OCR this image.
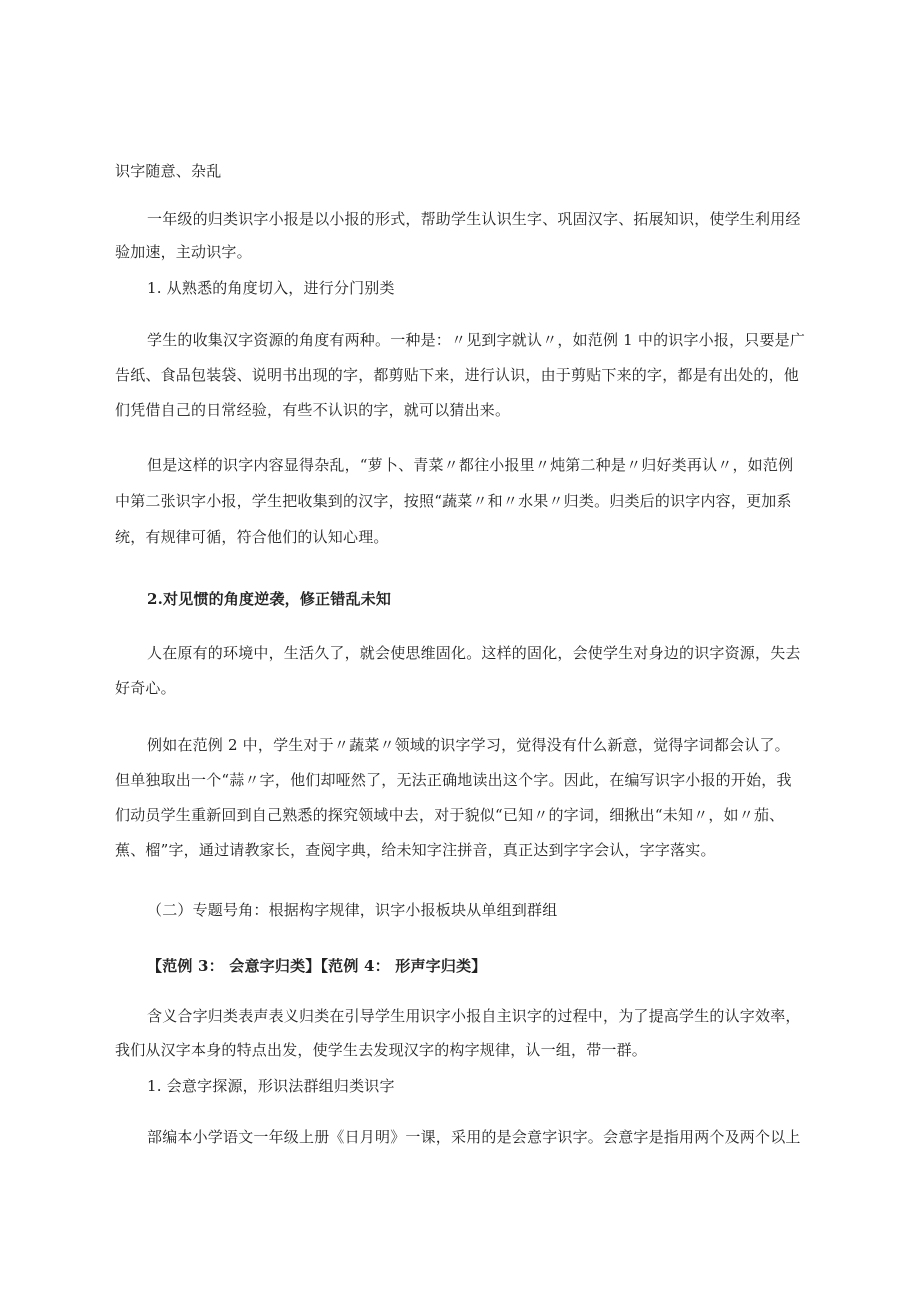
识字随意、杂乱
一年级的归类识字小报是以小报的形式，帮助学生认识生字、巩固汉字、拓展知识，使学生利用经
验加速，主动识字。
1. 从熟悉的角度切入，进行分门别类
学生的收集汉字资源的角度有两种。一种是：〃见到字就认〃，如范例 1 中的识字小报，只要是广
告纸、食品包装袋、说明书出现的字，都剪贴下来，进行认识，由于剪贴下来的字，都是有出处的，他
们凭借自己的日常经验，有些不认识的字，就可以猜出来。
但是这样的识字内容显得杂乱，“萝卜、青菜〃都往小报里〃炖第二种是〃归好类再认〃，如范例
中第二张识字小报，学生把收集到的汉字，按照“蔬菜〃和〃水果〃归类。归类后的识字内容，更加系
统，有规律可循，符合他们的认知心理。
2.对见惯的角度逆袭，修正错乱未知
人在原有的环境中，生活久了，就会使思维固化。这样的固化，会使学生对身边的识字资源，失去
好奇心。
例如在范例 2 中，学生对于〃蔬菜〃领域的识字学习，觉得没有什么新意，觉得字词都会认了。
但单独取出一个“蒜〃字，他们却哑然了，无法正确地读出这个字。因此，在编写识字小报的开始，我
们动员学生重新回到自己熟悉的探究领域中去，对于貌似“已知〃的字词，细揪出“未知〃，如〃茄、
蕉、榴”字，通过请教家长，查阅字典，给未知字注拼音，真正达到字字会认，字字落实。
（二）专题号角：根据构字规律，识字小报板块从单组到群组
【范例 3： 会意字归类】【范例 4： 形声字归类】
含义合字归类表声表义归类在引导学生用识字小报自主识字的过程中，为了提高学生的认字效率，
我们从汉字本身的特点出发，使学生去发现汉字的构字规律，认一组，带一群。
1. 会意字探源，形识法群组归类识字
部编本小学语文一年级上册《日月明》一课，采用的是会意字识字。会意字是指用两个及两个以上
